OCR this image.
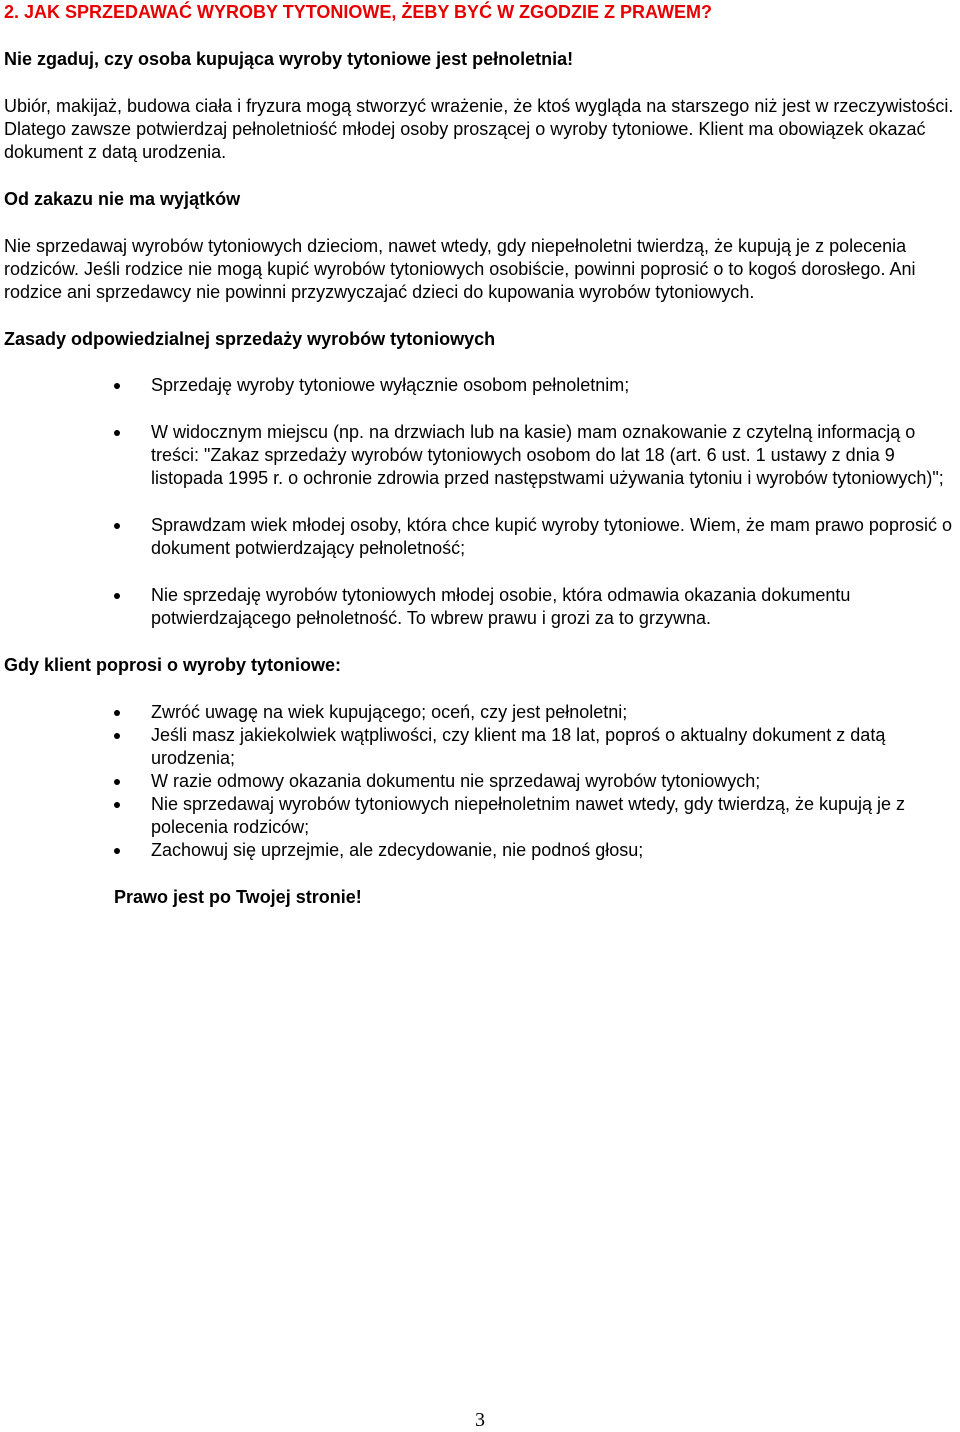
2. JAK SPRZEDAWAĆ WYROBY TYTONIOWE, ŻEBY BYĆ W ZGODZIE Z PRAWEM?

Nie zgaduj, czy osoba kupująca wyroby tytoniowe jest pełnoletnia!

Ubiór, makijaż, budowa ciała i fryzura mogą stworzyć wrażenie, że ktoś wygląda na starszego niż jest w rzeczywistości. Dlatego zawsze potwierdzaj pełnoletniość młodej osoby proszącej o wyroby tytoniowe. Klient ma obowiązek okazać dokument z datą urodzenia.

Od zakazu nie ma wyjątków

Nie sprzedawaj wyrobów tytoniowych dzieciom, nawet wtedy, gdy niepełnoletni twierdzą, że kupują je z polecenia rodziców. Jeśli rodzice nie mogą kupić wyrobów tytoniowych osobiście, powinni poprosić o to kogoś dorosłego. Ani rodzice ani sprzedawcy nie powinni przyzwyczajać dzieci do kupowania wyrobów tytoniowych.

Zasady odpowiedzialnej sprzedaży wyrobów tytoniowych

Sprzedaję wyroby tytoniowe wyłącznie osobom pełnoletnim;
W widocznym miejscu (np. na drzwiach lub na kasie) mam oznakowanie z czytelną informacją o treści: "Zakaz sprzedaży wyrobów tytoniowych osobom do lat 18 (art. 6 ust. 1 ustawy z dnia 9 listopada 1995 r. o ochronie zdrowia przed następstwami używania tytoniu i wyrobów tytoniowych)";
Sprawdzam wiek młodej osoby, która chce kupić wyroby tytoniowe. Wiem, że mam prawo poprosić o dokument potwierdzający pełnoletność;
Nie sprzedaję wyrobów tytoniowych młodej osobie, która odmawia okazania dokumentu potwierdzającego pełnoletność. To wbrew prawu i grozi za to grzywna.

Gdy klient poprosi o wyroby tytoniowe:

Zwróć uwagę na wiek kupującego; oceń, czy jest pełnoletni;
Jeśli masz jakiekolwiek wątpliwości, czy klient ma 18 lat, poproś o aktualny dokument z datą urodzenia;
W razie odmowy okazania dokumentu nie sprzedawaj wyrobów tytoniowych;
Nie sprzedawaj wyrobów tytoniowych niepełnoletnim nawet wtedy, gdy twierdzą, że kupują je z polecenia rodziców;
Zachowuj się uprzejmie, ale zdecydowanie, nie podnoś głosu;

Prawo jest po Twojej stronie!

3
